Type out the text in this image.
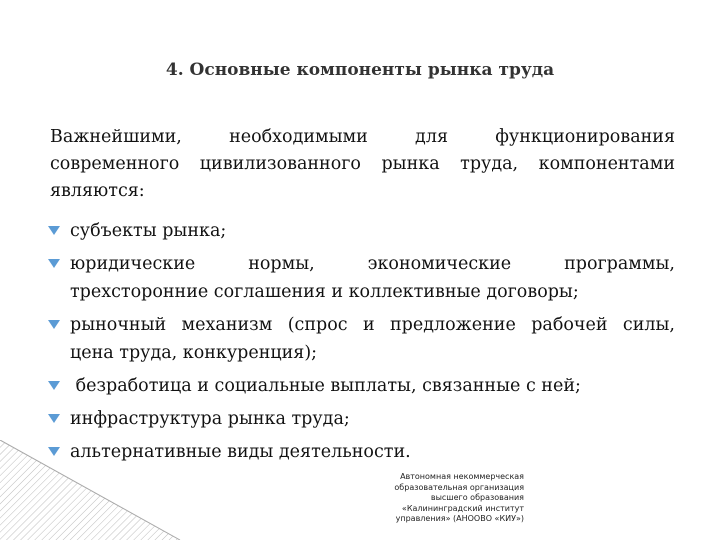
4. Основные компоненты рынка труда
Важнейшими, необходимыми для функционирования
современного цивилизованного рынка труда, компонентами
являются:
субъекты рынка;
юридические нормы, экономические программы,
трехсторонние соглашения и коллективные договоры;
рыночный механизм (спрос и предложение рабочей силы,
цена труда, конкуренция);
безработица и социальные выплаты, связанные с ней;
инфраструктура рынка труда;
альтернативные виды деятельности.
Автономная некоммерческая
образовательная организация
высшего образования
«Калининградский институт
управления» (АНООВО «КИУ»)
